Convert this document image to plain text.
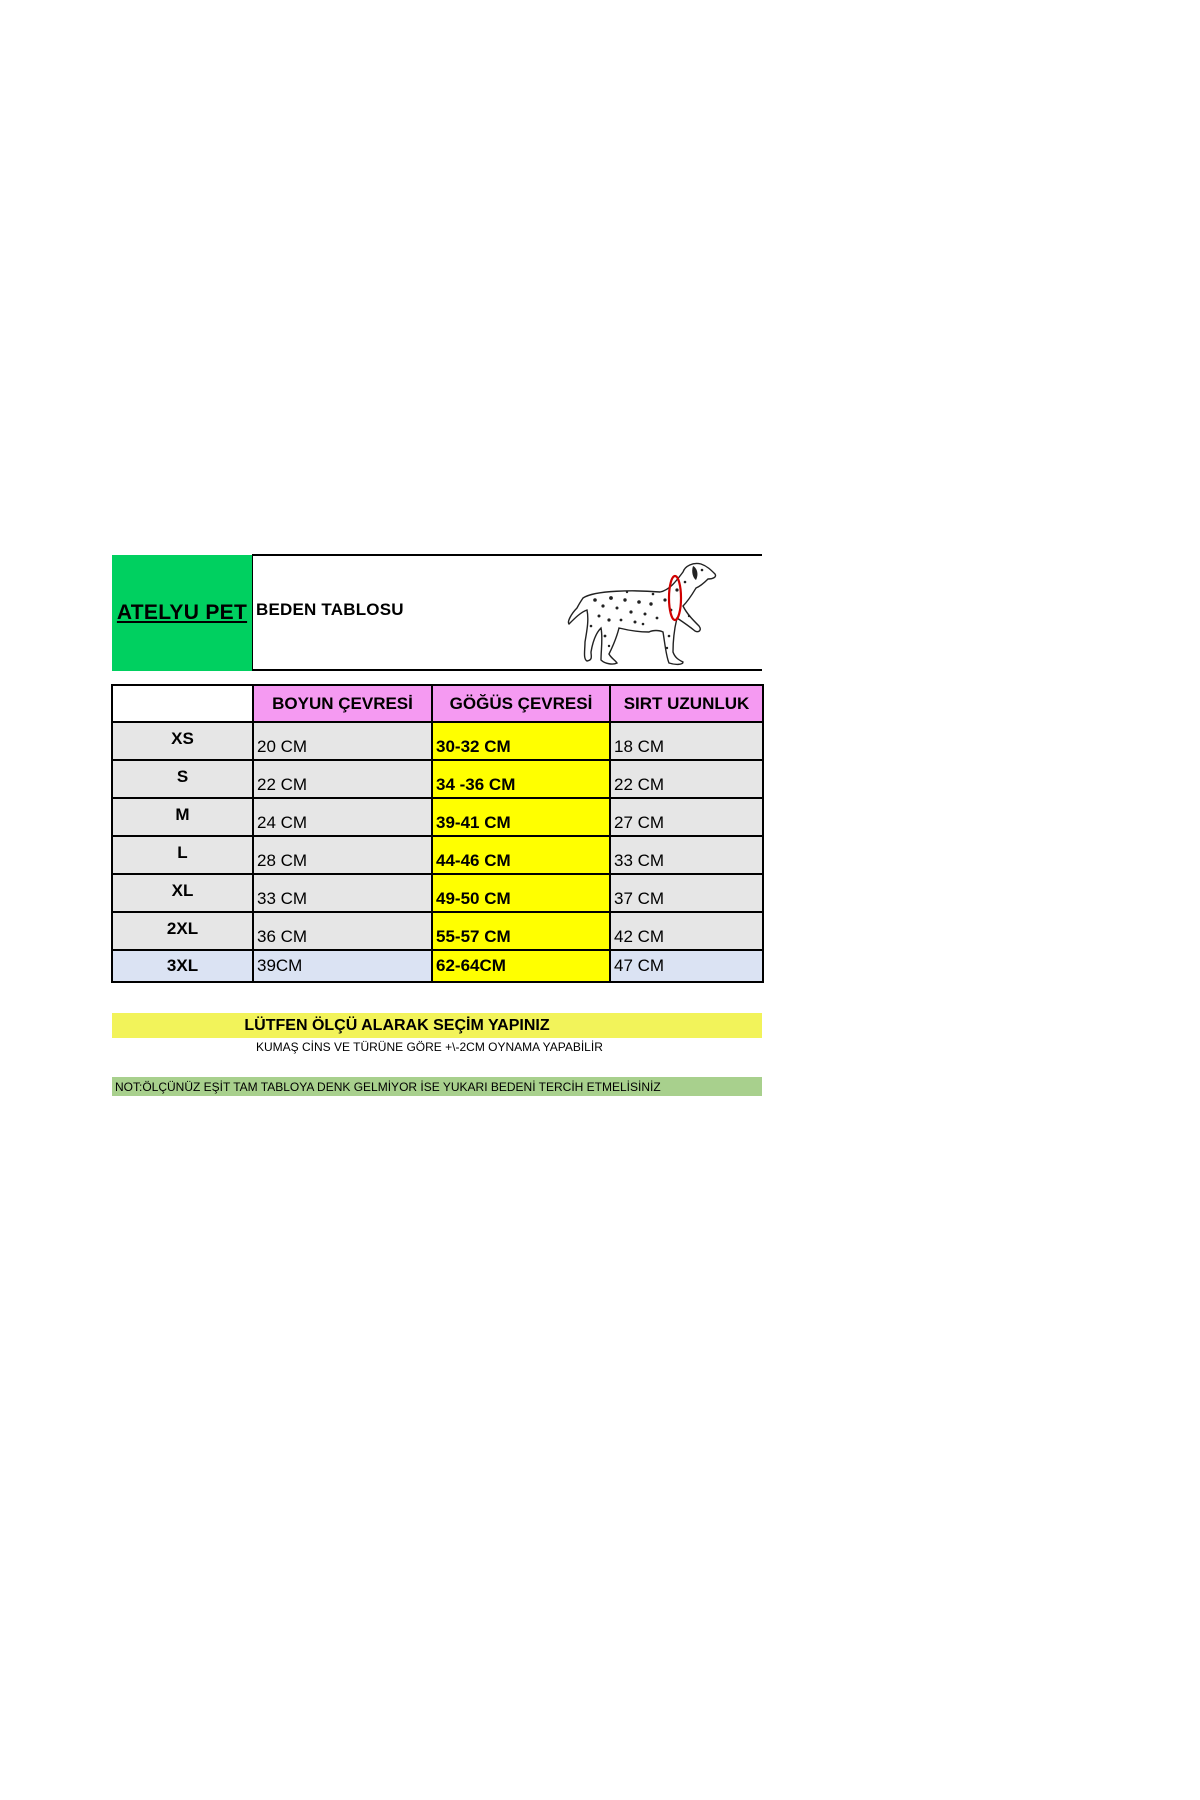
ATELYU PET BEDEN TABLOSU
	BOYUN ÇEVRESİ	GÖĞÜS ÇEVRESİ	SIRT UZUNLUK
XS	20 CM	30-32 CM	18 CM
S	22 CM	34 -36 CM	22 CM
M	24 CM	39-41 CM	27 CM
L	28 CM	44-46 CM	33 CM
XL	33 CM	49-50 CM	37 CM
2XL	36 CM	55-57 CM	42 CM
3XL	39CM	62-64CM	47 CM
LÜTFEN ÖLÇÜ ALARAK SEÇİM YAPINIZ
KUMAŞ CİNS VE TÜRÜNE GÖRE +\-2CM OYNAMA YAPABİLİR
NOT:ÖLÇÜNÜZ EŞİT TAM TABLOYA DENK GELMİYOR İSE YUKARI BEDENİ TERCİH ETMELİSİNİZ
